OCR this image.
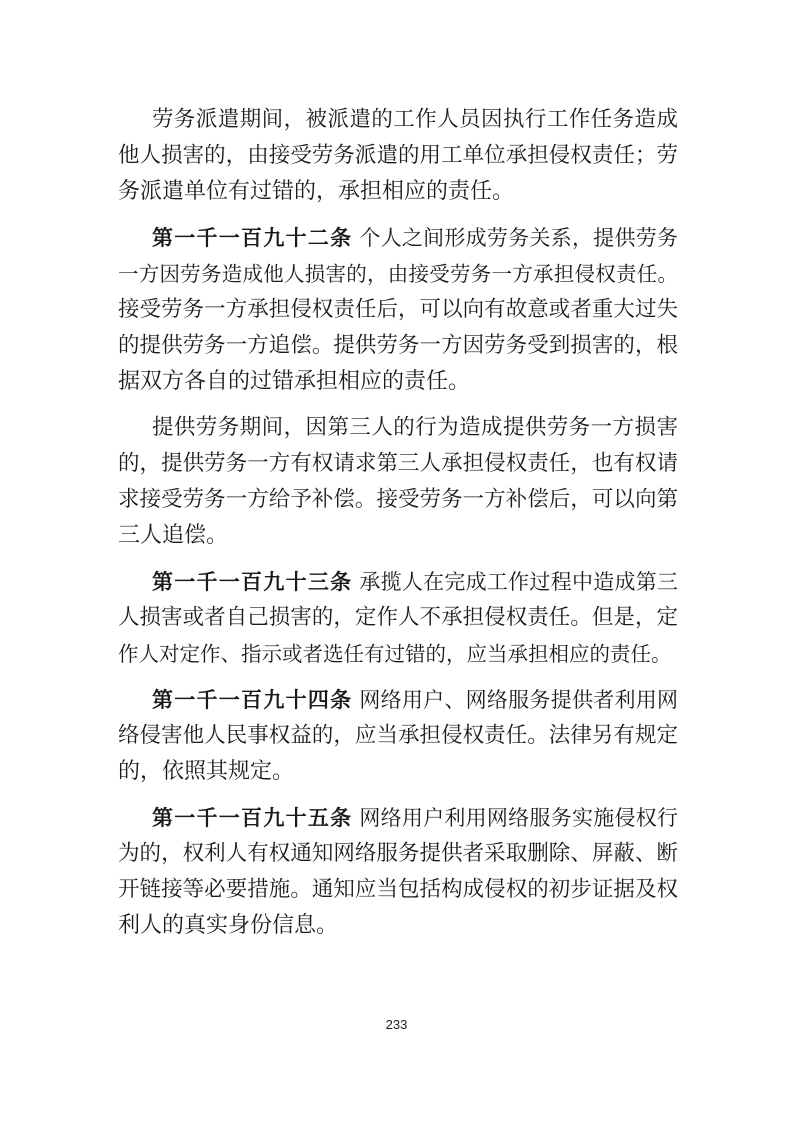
劳务派遣期间，被派遣的工作人员因执行工作任务造成
他人损害的，由接受劳务派遣的用工单位承担侵权责任；劳
务派遣单位有过错的，承担相应的责任。
第一千一百九十二条 个人之间形成劳务关系，提供劳务
一方因劳务造成他人损害的，由接受劳务一方承担侵权责任。
接受劳务一方承担侵权责任后，可以向有故意或者重大过失
的提供劳务一方追偿。提供劳务一方因劳务受到损害的，根
据双方各自的过错承担相应的责任。
提供劳务期间，因第三人的行为造成提供劳务一方损害
的，提供劳务一方有权请求第三人承担侵权责任，也有权请
求接受劳务一方给予补偿。接受劳务一方补偿后，可以向第
三人追偿。
第一千一百九十三条 承揽人在完成工作过程中造成第三
人损害或者自己损害的，定作人不承担侵权责任。但是，定
作人对定作、指示或者选任有过错的，应当承担相应的责任。
第一千一百九十四条 网络用户、网络服务提供者利用网
络侵害他人民事权益的，应当承担侵权责任。法律另有规定
的，依照其规定。
第一千一百九十五条 网络用户利用网络服务实施侵权行
为的，权利人有权通知网络服务提供者采取删除、屏蔽、断
开链接等必要措施。通知应当包括构成侵权的初步证据及权
利人的真实身份信息。
233
